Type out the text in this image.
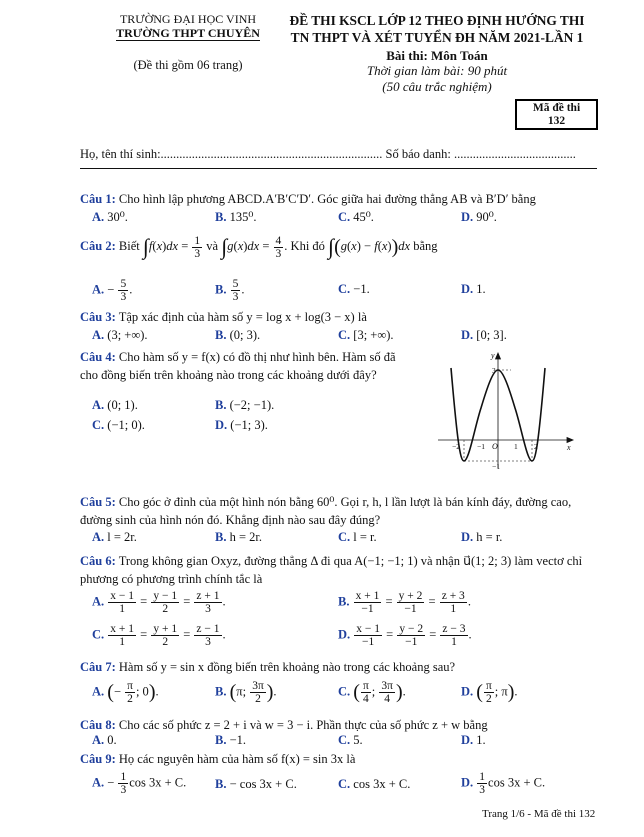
TRƯỜNG ĐẠI HỌC VINH
TRƯỜNG THPT CHUYÊN
(Đề thi gồm 06 trang)
ĐỀ THI KSCL LỚP 12 THEO ĐỊNH HƯỚNG THI
TN THPT VÀ XÉT TUYỂN ĐH NĂM 2021-LẦN 1
Bài thi: Môn Toán
Thời gian làm bài: 90 phút
(50 câu trắc nghiệm)
Mã đề thi
132
Họ, tên thí sinh:....................................................................... Số báo danh: .......................................
Câu 1: Cho hình lập phương ABCD.A′B′C′D′. Góc giữa hai đường thẳng AB và B′D′ bằng
A. 30⁰.	B. 135⁰.	C. 45⁰.	D. 90⁰.
Câu 2: Biết $\int f(x)dx = \frac{1}{3}$ và $\int g(x)dx = \frac{4}{3}$ . Khi đó ∫(g(x) − f(x))dx bằng
A. − $\frac{5}{3}$ .	B. $\frac{5}{3}$ .	C. −1.	D. 1.
Câu 3: Tập xác định của hàm số y = log x + log(3 − x) là
A. (3; +∞).	B. (0; 3).	C. [3; +∞).	D. [0; 3].
Câu 4: Cho hàm số y = f(x) có đồ thị như hình bên. Hàm số đã
cho đồng biến trên khoảng nào trong các khoảng dưới đây?
A. (0; 1).	B. (−2; −1).
C. (−1; 0).	D. (−1; 3).
y
x
O
−2 −1	1 2
3
−1
Câu 5: Cho góc ở đỉnh của một hình nón bằng 60⁰. Gọi r, h, l lần lượt là bán kính đáy, đường cao,
đường sinh của hình nón đó. Khẳng định nào sau đây đúng?
A. l = 2r.	B. h = 2r.	C. l = r.	D. h = r.
Câu 6: Trong không gian Oxyz, đường thẳng Δ đi qua A(−1; −1; 1) và nhận u⃗(1; 2; 3) làm vectơ chỉ
phương có phương trình chính tắc là
A. $\frac{x - 1}{1} = \frac{y - 1}{2} = \frac{z + 1}{3}$ .	B. $\frac{x + 1}{-1} = \frac{y + 2}{-1} = \frac{z + 3}{1}$ .
C. $\frac{x + 1}{1} = \frac{y + 1}{2} = \frac{z - 1}{3}$ .	D. $\frac{x - 1}{-1} = \frac{y - 2}{-1} = \frac{z - 3}{1}$ .
Câu 7: Hàm số y = sin x đồng biến trên khoảng nào trong các khoảng sau?
A. (− $\frac{\pi}{2}$ ; 0).	B. (π; $\frac{3\pi}{2}$ ).	C. ( $\frac{\pi}{4}$ ; $\frac{3\pi}{4}$ ).	D. ( $\frac{\pi}{2}$ ; π).
Câu 8: Cho các số phức z = 2 + i và w = 3 − i. Phần thực của số phức z + w bằng
A. 0.	B. −1.	C. 5.	D. 1.
Câu 9: Họ các nguyên hàm của hàm số f(x) = sin 3x là
A. − $\frac{1}{3}$ cos 3x + C. B. − cos 3x + C.	C. cos 3x + C.	D. $\frac{1}{3}$ cos 3x + C.
Trang 1/6 - Mã đề thi 132
